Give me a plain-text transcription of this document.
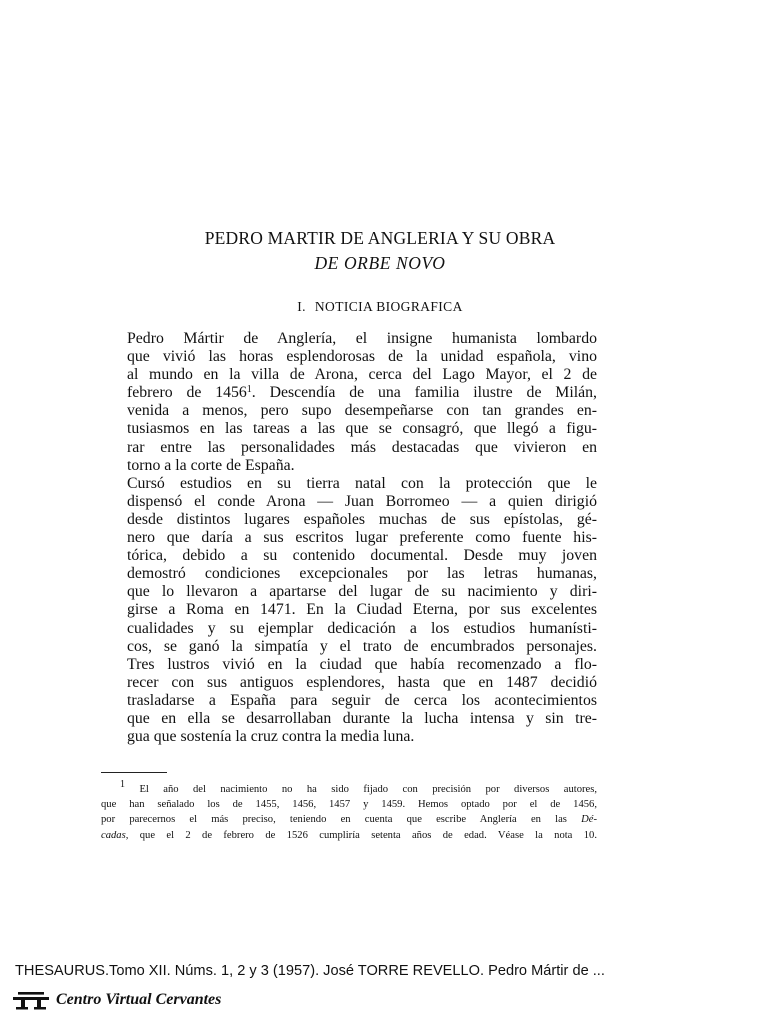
PEDRO MARTIR DE ANGLERIA Y SU OBRA
DE ORBE NOVO
I. NOTICIA BIOGRAFICA

Pedro Mártir de Anglería, el insigne humanista lombardo
que vivió las horas esplendorosas de la unidad española, vino
al mundo en la villa de Arona, cerca del Lago Mayor, el 2 de
febrero de 1456$^1$. Descendía de una familia ilustre de Milán,
venida a menos, pero supo desempeñarse con tan grandes en-
tusiasmos en las tareas a las que se consagró, que llegó a figu-
rar entre las personalidades más destacadas que vivieron en
torno a la corte de España.

Cursó estudios en su tierra natal con la protección que le
dispensó el conde Arona — Juan Borromeo — a quien dirigió
desde distintos lugares españoles muchas de sus epístolas, gé-
nero que daría a sus escritos lugar preferente como fuente his-
tórica, debido a su contenido documental. Desde muy joven
demostró condiciones excepcionales por las letras humanas,
que lo llevaron a apartarse del lugar de su nacimiento y diri-
girse a Roma en 1471. En la Ciudad Eterna, por sus excelentes
cualidades y su ejemplar dedicación a los estudios humanísti-
cos, se ganó la simpatía y el trato de encumbrados personajes.
Tres lustros vivió en la ciudad que había recomenzado a flo-
recer con sus antiguos esplendores, hasta que en 1487 decidió
trasladarse a España para seguir de cerca los acontecimientos
que en ella se desarrollaban durante la lucha intensa y sin tre-
gua que sostenía la cruz contra la media luna.

$^1$ El año del nacimiento no ha sido fijado con precisión por diversos autores,
que han señalado los de 1455, 1456, 1457 y 1459. Hemos optado por el de 1456,
por parecernos el más preciso, teniendo en cuenta que escribe Anglería en las Dé-
cadas, que el 2 de febrero de 1526 cumpliría setenta años de edad. Véase la nota 10.
THESAURUS.Tomo XII. Núms. 1, 2 y 3 (1957). José TORRE REVELLO. Pedro Mártir de ...
Centro Virtual Cervantes
